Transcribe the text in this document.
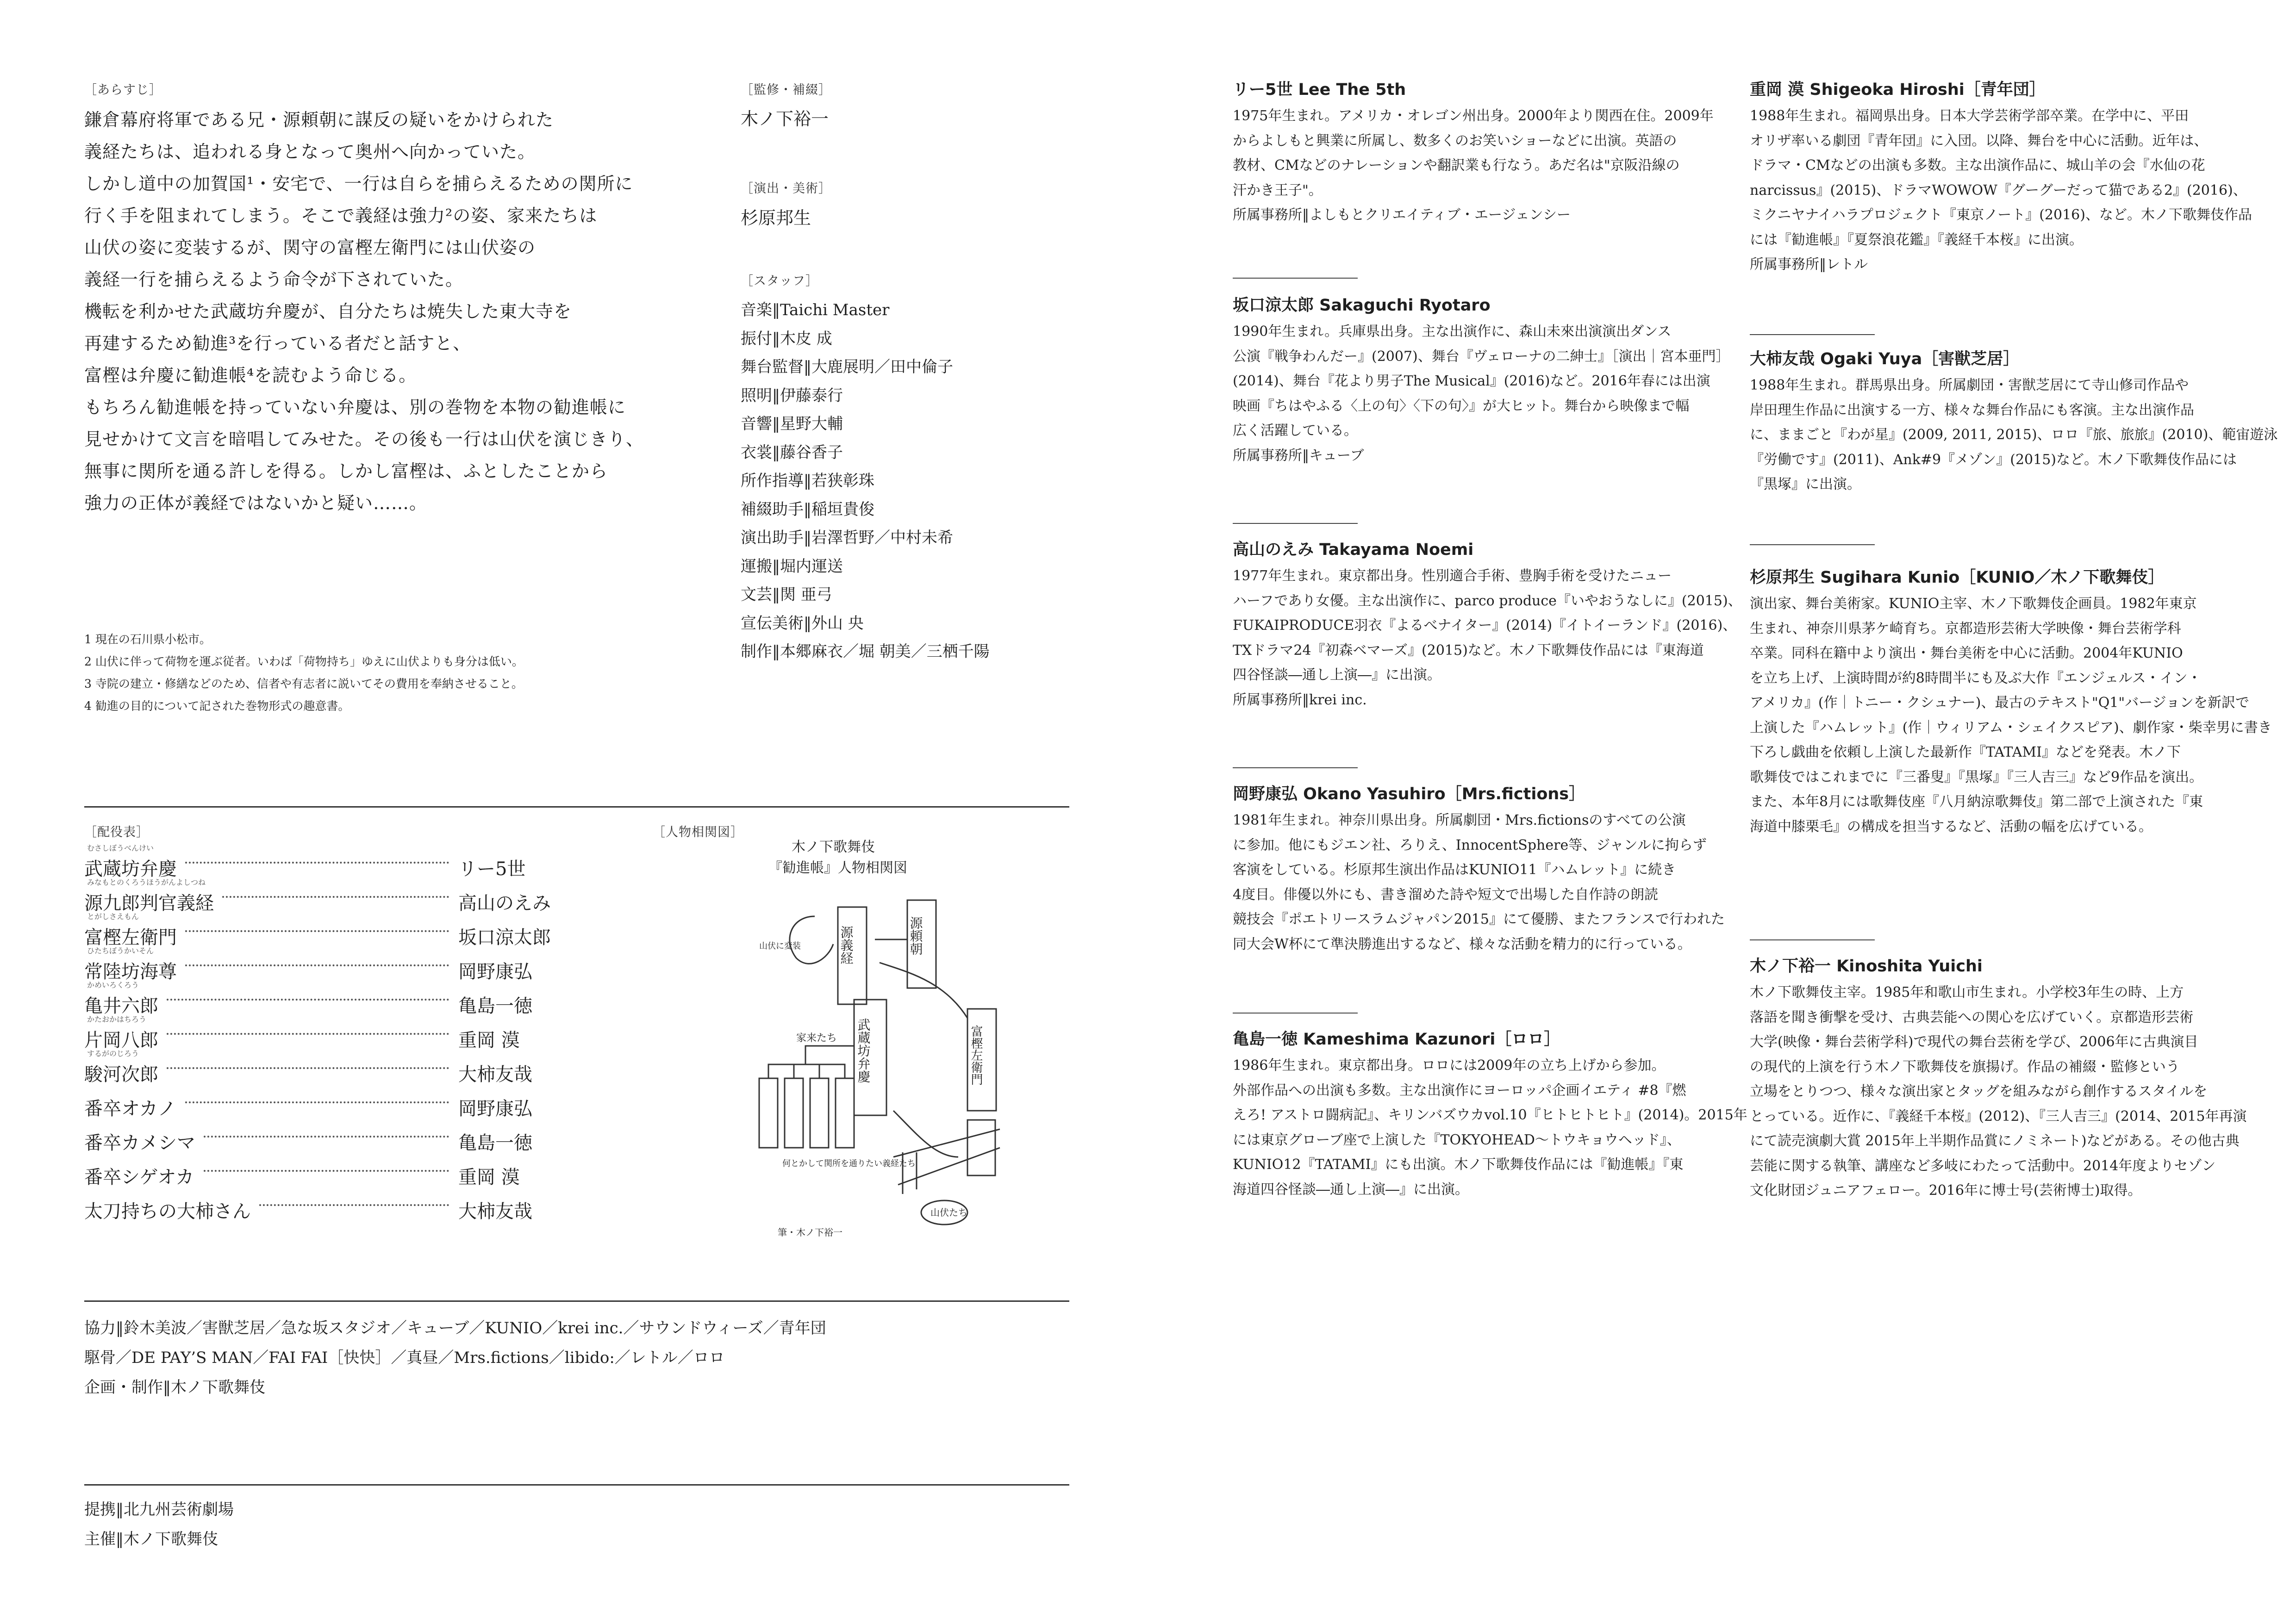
［あらすじ］
鎌倉幕府将軍である兄・源頼朝に謀反の疑いをかけられた
義経たちは、追われる身となって奥州へ向かっていた。
しかし道中の加賀国¹・安宅で、一行は自らを捕らえるための関所に
行く手を阻まれてしまう。そこで義経は強力²の姿、家来たちは
山伏の姿に変装するが、関守の富樫左衛門には山伏姿の
義経一行を捕らえるよう命令が下されていた。
機転を利かせた武蔵坊弁慶が、自分たちは焼失した東大寺を
再建するため勧進³を行っている者だと話すと、
富樫は弁慶に勧進帳⁴を読むよう命じる。
もちろん勧進帳を持っていない弁慶は、別の巻物を本物の勧進帳に
見せかけて文言を暗唱してみせた。その後も一行は山伏を演じきり、
無事に関所を通る許しを得る。しかし富樫は、ふとしたことから
強力の正体が義経ではないかと疑い……。
1 現在の石川県小松市。
2 山伏に伴って荷物を運ぶ従者。いわば「荷物持ち」ゆえに山伏よりも身分は低い。
3 寺院の建立・修繕などのため、信者や有志者に説いてその費用を奉納させること。
4 勧進の目的について記された巻物形式の趣意書。
［監修・補綴］
木ノ下裕一
［演出・美術］
杉原邦生
［スタッフ］
音楽‖Taichi Master
振付‖木皮 成
舞台監督‖大鹿展明／田中倫子
照明‖伊藤泰行
音響‖星野大輔
衣裳‖藤谷香子
所作指導‖若狭彰珠
補綴助手‖稲垣貴俊
演出助手‖岩澤哲野／中村未希
運搬‖堀内運送
文芸‖関 亜弓
宣伝美術‖外山 央
制作‖本郷麻衣／堀 朝美／三栖千陽
［配役表］
むさしぼうべんけい
武蔵坊弁慶	リー5世
みなもとのくろうほうがんよしつね
源九郎判官義経	高山のえみ
とがしさえもん
富樫左衛門	坂口涼太郎
ひたちぼうかいそん
常陸坊海尊	岡野康弘
かめいろくろう
亀井六郎	亀島一徳
かたおかはちろう
片岡八郎	重岡 漠
するがのじろう
駿河次郎	大柿友哉
番卒オカノ	岡野康弘
番卒カメシマ	亀島一徳
番卒シゲオカ	重岡 漠
太刀持ちの大柿さん	大柿友哉
［人物相関図］
木ノ下歌舞伎
『勧進帳』人物相関図
源義経
武蔵坊弁慶
源頼朝
富樫左衛門
家来たち
山伏に変装
何とかして関所を通りたい義経たち
山伏たち
筆・木ノ下裕一
協力‖鈴木美波／害獣芝居／急な坂スタジオ／キューブ／KUNIO／krei inc.／サウンドウィーズ／青年団
駆骨／DE PAY’S MAN／FAI FAI［快快］／真昼／Mrs.fictions／libido:／レトル／ロロ
企画・制作‖木ノ下歌舞伎
提携‖北九州芸術劇場
主催‖木ノ下歌舞伎
リー5世 Lee The 5th
1975年生まれ。アメリカ・オレゴン州出身。2000年より関西在住。2009年
からよしもと興業に所属し、数多くのお笑いショーなどに出演。英語の
教材、CMなどのナレーションや翻訳業も行なう。あだ名は"京阪沿線の
汗かき王子"。
所属事務所‖よしもとクリエイティブ・エージェンシー
坂口涼太郎 Sakaguchi Ryotaro
1990年生まれ。兵庫県出身。主な出演作に、森山未來出演演出ダンス
公演『戦争わんだー』(2007)、舞台『ヴェローナの二紳士』［演出｜宮本亜門］
(2014)、舞台『花より男子The Musical』(2016)など。2016年春には出演
映画『ちはやふる〈上の句〉〈下の句〉』が大ヒット。舞台から映像まで幅
広く活躍している。
所属事務所‖キューブ
高山のえみ Takayama Noemi
1977年生まれ。東京都出身。性別適合手術、豊胸手術を受けたニュー
ハーフであり女優。主な出演作に、parco produce『いやおうなしに』(2015)、
FUKAIPRODUCE羽衣『よるべナイター』(2014)『イトイーランド』(2016)、
TXドラマ24『初森ベマーズ』(2015)など。木ノ下歌舞伎作品には『東海道
四谷怪談―通し上演―』に出演。
所属事務所‖krei inc.
岡野康弘 Okano Yasuhiro［Mrs.fictions］
1981年生まれ。神奈川県出身。所属劇団・Mrs.fictionsのすべての公演
に参加。他にもジエン社、ろりえ、InnocentSphere等、ジャンルに拘らず
客演をしている。杉原邦生演出作品はKUNIO11『ハムレット』に続き
4度目。俳優以外にも、書き溜めた詩や短文で出場した自作詩の朗読
競技会『ポエトリースラムジャパン2015』にて優勝、またフランスで行われた
同大会W杯にて準決勝進出するなど、様々な活動を精力的に行っている。
亀島一徳 Kameshima Kazunori［ロロ］
1986年生まれ。東京都出身。ロロには2009年の立ち上げから参加。
外部作品への出演も多数。主な出演作にヨーロッパ企画イエティ #8『燃
えろ! アストロ闘病記』、キリンバズウカvol.10『ヒトヒトヒト』(2014)。2015年
には東京グローブ座で上演した『TOKYOHEAD～トウキョウヘッド』、
KUNIO12『TATAMI』にも出演。木ノ下歌舞伎作品には『勧進帳』『東
海道四谷怪談―通し上演―』に出演。
重岡 漠 Shigeoka Hiroshi［青年団］
1988年生まれ。福岡県出身。日本大学芸術学部卒業。在学中に、平田
オリザ率いる劇団『青年団』に入団。以降、舞台を中心に活動。近年は、
ドラマ・CMなどの出演も多数。主な出演作品に、城山羊の会『水仙の花
narcissus』(2015)、ドラマWOWOW『グーグーだって猫である2』(2016)、
ミクニヤナイハラプロジェクト『東京ノート』(2016)、など。木ノ下歌舞伎作品
には『勧進帳』『夏祭浪花鑑』『義経千本桜』に出演。
所属事務所‖レトル
大柿友哉 Ogaki Yuya［害獣芝居］
1988年生まれ。群馬県出身。所属劇団・害獣芝居にて寺山修司作品や
岸田理生作品に出演する一方、様々な舞台作品にも客演。主な出演作品
に、ままごと『わが星』(2009, 2011, 2015)、ロロ『旅、旅旅』(2010)、範宙遊泳
『労働です』(2011)、Ank#9『メゾン』(2015)など。木ノ下歌舞伎作品には
『黒塚』に出演。
杉原邦生 Sugihara Kunio［KUNIO／木ノ下歌舞伎］
演出家、舞台美術家。KUNIO主宰、木ノ下歌舞伎企画員。1982年東京
生まれ、神奈川県茅ケ崎育ち。京都造形芸術大学映像・舞台芸術学科
卒業。同科在籍中より演出・舞台美術を中心に活動。2004年KUNIO
を立ち上げ、上演時間が約8時間半にも及ぶ大作『エンジェルス・イン・
アメリカ』(作｜トニー・クシュナー)、最古のテキスト"Q1"バージョンを新訳で
上演した『ハムレット』(作｜ウィリアム・シェイクスピア)、劇作家・柴幸男に書き
下ろし戯曲を依頼し上演した最新作『TATAMI』などを発表。木ノ下
歌舞伎ではこれまでに『三番叟』『黒塚』『三人吉三』など9作品を演出。
また、本年8月には歌舞伎座『八月納涼歌舞伎』第二部で上演された『東
海道中膝栗毛』の構成を担当するなど、活動の幅を広げている。
木ノ下裕一 Kinoshita Yuichi
木ノ下歌舞伎主宰。1985年和歌山市生まれ。小学校3年生の時、上方
落語を聞き衝撃を受け、古典芸能への関心を広げていく。京都造形芸術
大学(映像・舞台芸術学科)で現代の舞台芸術を学び、2006年に古典演目
の現代的上演を行う木ノ下歌舞伎を旗揚げ。作品の補綴・監修という
立場をとりつつ、様々な演出家とタッグを組みながら創作するスタイルを
とっている。近作に、『義経千本桜』(2012)、『三人吉三』(2014、2015年再演
にて読売演劇大賞 2015年上半期作品賞にノミネート)などがある。その他古典
芸能に関する執筆、講座など多岐にわたって活動中。2014年度よりセゾン
文化財団ジュニアフェロー。2016年に博士号(芸術博士)取得。
